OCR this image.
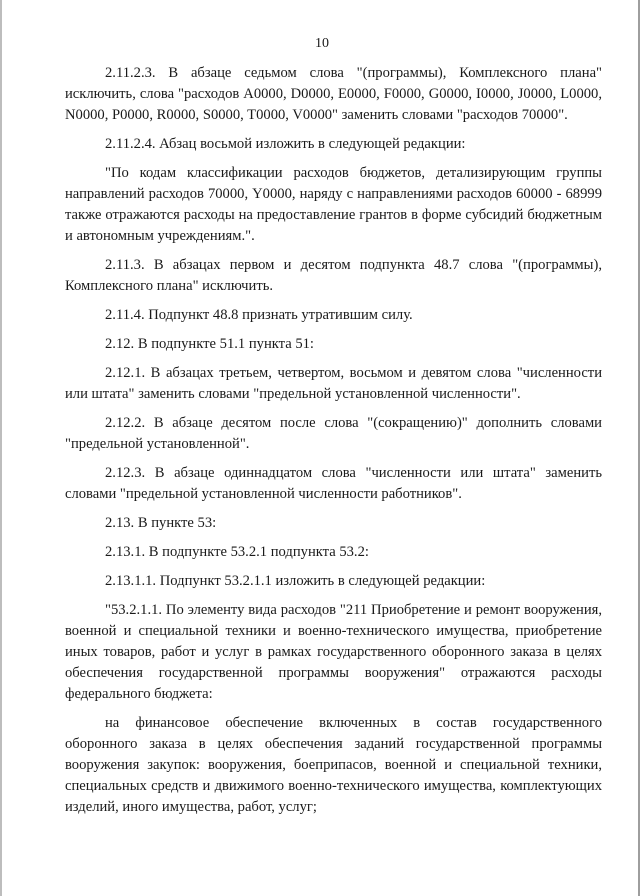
10

2.11.2.3. В абзаце седьмом слова "(программы), Комплексного плана" исключить, слова "расходов А0000, D0000, Е0000, F0000, G0000, I0000, J0000, L0000, N0000, P0000, R0000, S0000, T0000, V0000" заменить словами "расходов 70000".

2.11.2.4. Абзац восьмой изложить в следующей редакции:

"По кодам классификации расходов бюджетов, детализирующим группы направлений расходов 70000, Y0000, наряду с направлениями расходов 60000 - 68999 также отражаются расходы на предоставление грантов в форме субсидий бюджетным и автономным учреждениям.".

2.11.3. В абзацах первом и десятом подпункта 48.7 слова "(программы), Комплексного плана" исключить.

2.11.4. Подпункт 48.8 признать утратившим силу.

2.12. В подпункте 51.1 пункта 51:

2.12.1. В абзацах третьем, четвертом, восьмом и девятом слова "численности или штата" заменить словами "предельной установленной численности".

2.12.2. В абзаце десятом после слова "(сокращению)" дополнить словами "предельной установленной".

2.12.3. В абзаце одиннадцатом слова "численности или штата" заменить словами "предельной установленной численности работников".

2.13. В пункте 53:

2.13.1. В подпункте 53.2.1 подпункта 53.2:

2.13.1.1. Подпункт 53.2.1.1 изложить в следующей редакции:

"53.2.1.1. По элементу вида расходов "211 Приобретение и ремонт вооружения, военной и специальной техники и военно-технического имущества, приобретение иных товаров, работ и услуг в рамках государственного оборонного заказа в целях обеспечения государственной программы вооружения" отражаются расходы федерального бюджета:

на финансовое обеспечение включенных в состав государственного оборонного заказа в целях обеспечения заданий государственной программы вооружения закупок: вооружения, боеприпасов, военной и специальной техники, специальных средств и движимого военно-технического имущества, комплектующих изделий, иного имущества, работ, услуг;
